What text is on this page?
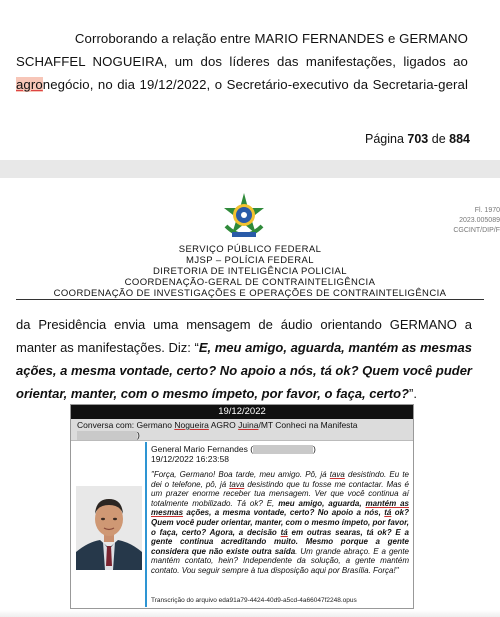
Corroborando a relação entre MARIO FERNANDES e GERMANO
SCHAFFEL NOGUEIRA, um dos líderes das manifestações, ligados ao
agronegócio, no dia 19/12/2022, o Secretário-executivo da Secretaria-geral
Página 703 de 884
Fl. 1970
2023.005089
CGCINT/DIP/F
SERVIÇO PÚBLICO FEDERAL
MJSP – POLÍCIA FEDERAL
DIRETORIA DE INTELIGÊNCIA POLICIAL
COORDENAÇÃO-GERAL DE CONTRAINTELIGÊNCIA
COORDENAÇÃO DE INVESTIGAÇÕES E OPERAÇÕES DE CONTRAINTELIGÊNCIA
da Presidência envia uma mensagem de áudio orientando GERMANO a manter as manifestações. Diz: “E, meu amigo, aguarda, mantém as mesmas ações, a mesma vontade, certo? No apoio a nós, tá ok? Quem você puder orientar, manter, com o mesmo ímpeto, por favor, o faça, certo?”.
19/12/2022
Conversa com: Germano Nogueira AGRO Juina/MT Conheci na Manifesta
)
General Mario Fernandes (	)
19/12/2022 16:23:58
"Força, Germano! Boa tarde, meu amigo. Pô, já tava desistindo. Eu te dei o telefone, pô, já tava desistindo que tu fosse me contactar. Mas é um prazer enorme receber tua mensagem. Ver que você continua aí totalmente mobilizado. Tá ok? E, meu amigo, aguarda, mantém as mesmas ações, a mesma vontade, certo? No apoio a nós, tá ok? Quem você puder orientar, manter, com o mesmo ímpeto, por favor, o faça, certo? Agora, a decisão tá em outras searas, tá ok? E a gente continua acreditando muito. Mesmo porque a gente considera que não existe outra saída. Um grande abraço. E a gente mantém contato, hein? Independente da solução, a gente mantém contato. Vou seguir sempre à tua disposição aqui por Brasília. Força!"
Transcrição do arquivo eda91a79-4424-40d9-a5cd-4a66047f2248.opus
